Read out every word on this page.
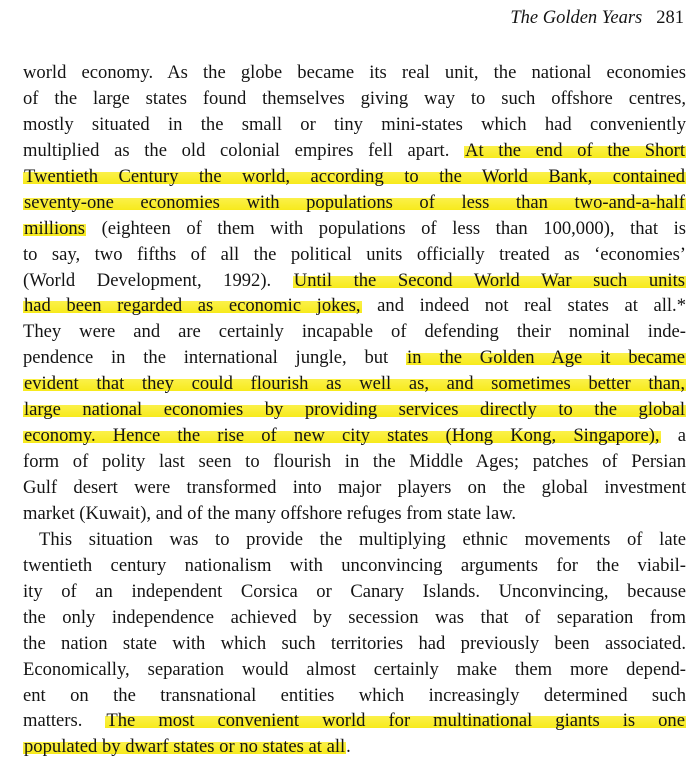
The Golden Years 281
world economy. As the globe became its real unit, the national economies
of the large states found themselves giving way to such offshore centres,
mostly situated in the small or tiny mini-states which had conveniently
multiplied as the old colonial empires fell apart. At the end of the Short
Twentieth Century the world, according to the World Bank, contained
seventy-one economies with populations of less than two-and-a-half
millions (eighteen of them with populations of less than 100,000), that is
to say, two fifths of all the political units officially treated as ‘economies’
(World Development, 1992). Until the Second World War such units
had been regarded as economic jokes, and indeed not real states at all.*
They were and are certainly incapable of defending their nominal inde-
pendence in the international jungle, but in the Golden Age it became
evident that they could flourish as well as, and sometimes better than,
large national economies by providing services directly to the global
economy. Hence the rise of new city states (Hong Kong, Singapore), a
form of polity last seen to flourish in the Middle Ages; patches of Persian
Gulf desert were transformed into major players on the global investment
market (Kuwait), and of the many offshore refuges from state law.
This situation was to provide the multiplying ethnic movements of late
twentieth century nationalism with unconvincing arguments for the viabil-
ity of an independent Corsica or Canary Islands. Unconvincing, because
the only independence achieved by secession was that of separation from
the nation state with which such territories had previously been associated.
Economically, separation would almost certainly make them more depend-
ent on the transnational entities which increasingly determined such
matters. The most convenient world for multinational giants is one
populated by dwarf states or no states at all.
